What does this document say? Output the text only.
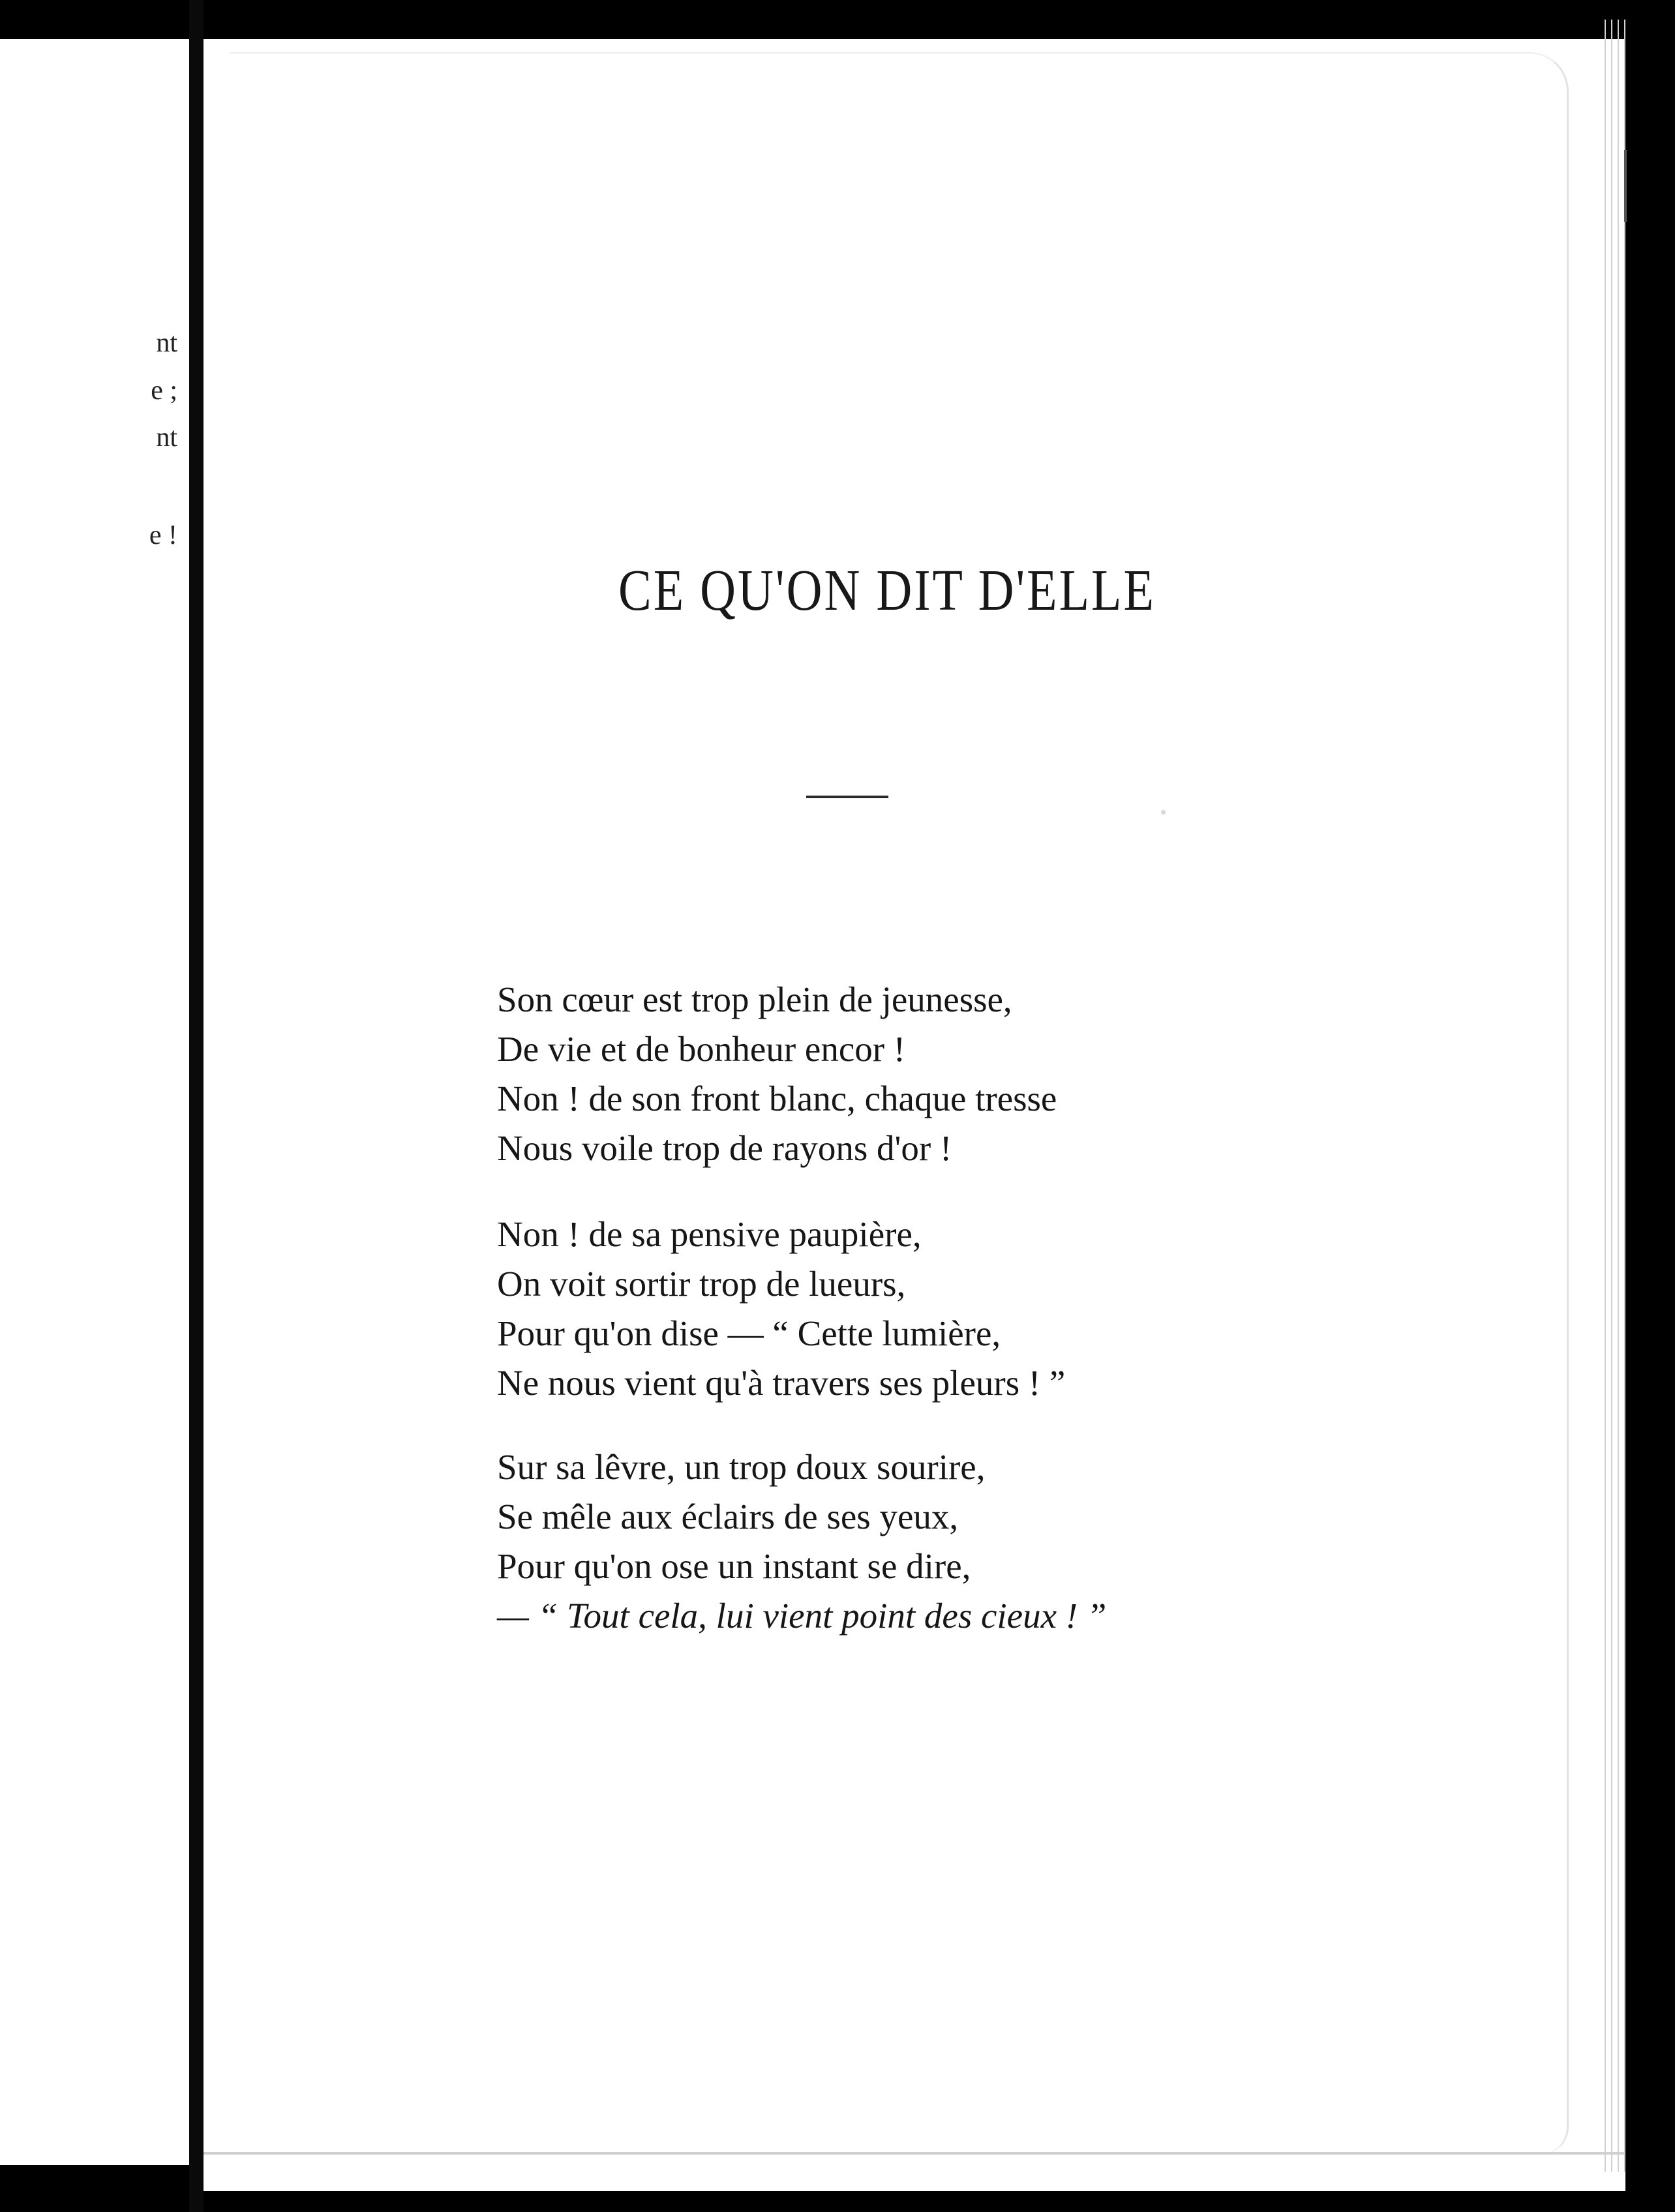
nt
e ;
nt
e !
CE QU'ON DIT D'ELLE
Son cœur est trop plein de jeunesse,
De vie et de bonheur encor !
Non ! de son front blanc, chaque tresse
Nous voile trop de rayons d'or !
Non ! de sa pensive paupière,
On voit sortir trop de lueurs,
Pour qu'on dise — “ Cette lumière,
Ne nous vient qu'à travers ses pleurs ! ”
Sur sa lêvre, un trop doux sourire,
Se mêle aux éclairs de ses yeux,
Pour qu'on ose un instant se dire,
— “ Tout cela, lui vient point des cieux ! ”
